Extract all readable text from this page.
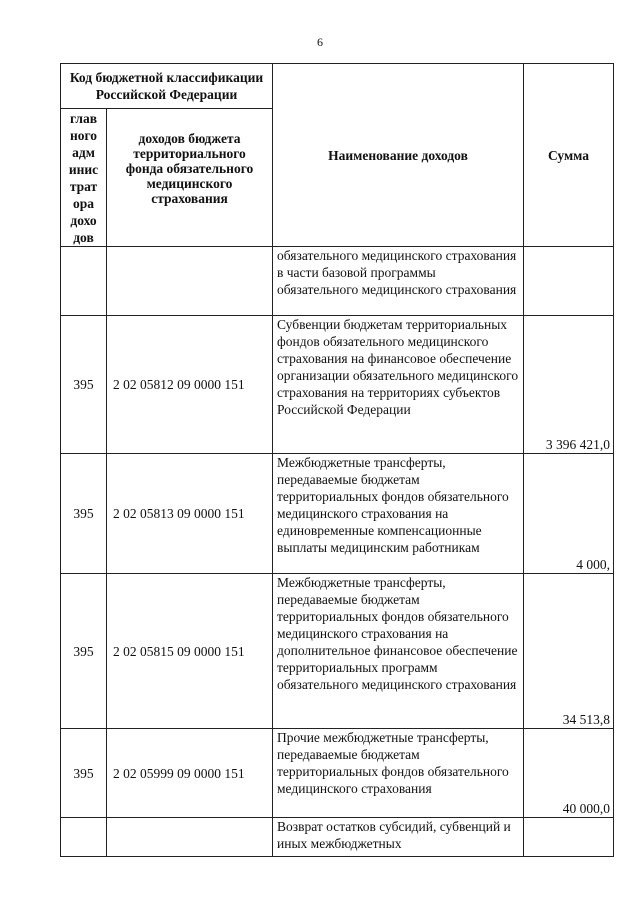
6
Код бюджетной классификации Российской Федерации		Наименование доходов	Сумма

главного администратора доходов	доходов бюджета территориального фонда обязательного медицинского страхования		
		обязательного медицинского страхования в части базовой программы обязательного медицинского страхования	
395	2 02 05812 09 0000 151	Субвенции бюджетам территориальных фондов обязательного медицинского страхования на финансовое обеспечение организации обязательного медицинского страхования на территориях субъектов Российской Федерации	3 396 421,0
395	2 02 05813 09 0000 151	Межбюджетные трансферты, передаваемые бюджетам территориальных фондов обязательного медицинского страхования на единовременные компенсационные выплаты медицинским работникам	4 000,
395	2 02 05815 09 0000 151	Межбюджетные трансферты, передаваемые бюджетам территориальных фондов обязательного медицинского страхования на дополнительное финансовое обеспечение территориальных программ обязательного медицинского страхования	34 513,8
395	2 02 05999 09 0000 151	Прочие межбюджетные трансферты, передаваемые бюджетам территориальных фондов обязательного медицинского страхования	40 000,0
		Возврат остатков субсидий, субвенций и иных межбюджетных	
